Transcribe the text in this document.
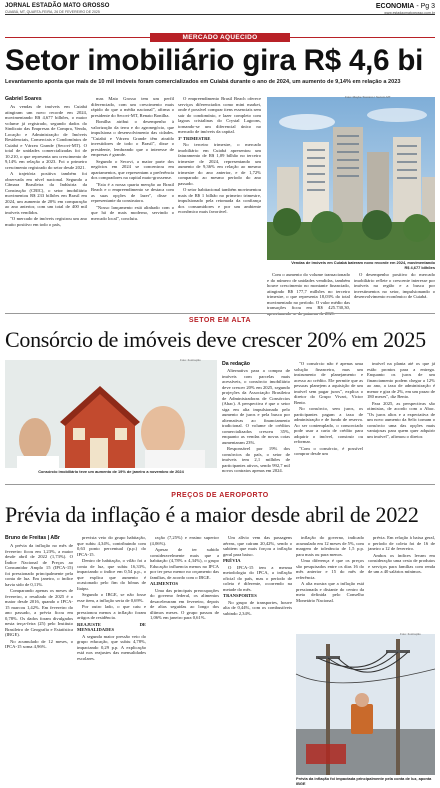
JORNAL ESTADÃO MATO GROSSO
CUIABÁ, MT, QUARTA-FEIRA, 26 DE FEVEREIRO DE 2025
ECONOMIA - Pg 3
www.estadaomatogrosso.com.br
MERCADO AQUECIDO
Setor imobiliário gira R$ 4,6 bi
Levantamento aponta que mais de 10 mil imóveis foram comercializados em Cuiabá durante o ano de 2024, um aumento de 9,14% em relação a 2023
Gabriel Soares

As vendas de imóveis em Cuiabá atingiram um novo recorde em 2024, movimentando R$ 4,677 bilhões, o maior volume já registrado, segundo dados do Sindicato das Empresas de Compra, Venda, Locação e Administração de Imóveis Residenciais, Comerciais e Condomínios de Cuiabá e Várzea Grande (Secovi-MT). O total de unidades comercializadas foi de 10.210, o que representa um crescimento de 9,14% em relação a 2023. Foi o primeiro crescimento registrado do setor desde 2021.

A trajetória positiva também foi observada em nível nacional. Segundo a Câmara Brasileira da Indústria da Construção (CBIC), o setor imobiliário movimentou R$ 233 bilhões em Brasil em 2024, um aumento de 20% em comparação ao ano anterior, com um total de 400 mil imóveis vendidos.

"O mercado de imóveis registrou um ano muito positivo em todo o país,

mas Mato Grosso tem um perfil diferenciado, com um crescimento mais rápido do que a média nacional", afirma o presidente do Secovi-MT, Renato Bonilha.

Bonilha atribui o desempenho à valorização da terra e do agronegócio, que impulsiona o desenvolvimento das cidades. "Cuiabá e Várzea Grande têm atraído investidores de todo o Brasil", disse o presidente, lembrando que o interesse de empresas é grande.

Segundo o Secovi, a maior parte dos negócios em 2024 se concentrou em apartamentos, que representam a preferência dos compradores na capital mato-grossense.

"Esta é a nossa quarta menção ao Brasil Beach e o empreendimento se destaca com as suas opções de lazer", disse o representante da construtora.

"Nosso lançamento está alinhado com o que há de mais moderno, servindo o mercado local", concluiu.

O empreendimento Brasil Beach oferece serviços diferenciados como mini market, onde é possível comprar itens essenciais sem sair do condomínio, e lazer completo com lagoas cristalinas do Crystal Lagoons, tornando-se um diferencial único no mercado de imóveis da capital.

3º TRIMESTRE

No terceiro trimestre, o mercado imobiliário em Cuiabá apresentou um faturamento de R$ 1,09 bilhão no terceiro trimestre de 2024, representando um aumento de 9,36% em relação ao mesmo trimestre do ano anterior, e de 1,72% comparado ao mesmo período do ano passado.

O setor habitacional também movimentou mais de R$ 1 bilhão no primeiro trimestre, impulsionado pela retomada da confiança dos consumidores e por um ambiente econômico mais favorável.

Foto: Mayke Toscano / Secom-MT
Vendas de imóveis em Cuiabá bateram novo recorde em 2024, movimentando R$ 4,677 bilhões

Com o aumento do volume transacionado e do número de unidades vendidas, também houve crescimento no montante financiado, atingindo R$ 177,7 milhões no terceiro trimestre, o que representa 18,03% do total movimentado no período. O valor médio das transações ficou em R$ 425.730,30,

O desempenho positivo do mercado imobiliário reflete o crescente interesse por imóveis na região e a busca por investimentos no setor, impulsionando o desenvolvimento econômico de Cuiabá.

SETOR EM ALTA
Consórcio de imóveis deve crescer 20% em 2025
Foto: Ilustração
Consórcio imobiliário teve um aumento de 19% de janeiro a novembro de 2024
Da redação

Alternativa para a compra de imóveis com parcelas mais acessíveis, o consórcio imobiliário deve crescer 20% em 2025, segundo projeções da Associação Brasileira de Administradoras de Consórcios (Abac). A perspectiva é que o setor siga em alta impulsionado pelo aumento de juros e pela busca por alternativas ao financiamento tradicional. O volume de créditos comercializados cresceu 35%, enquanto as vendas de novas cotas aumentaram 23%.

Responsável por 19% dos consórcios do país, o setor de imóveis tem 2,1 milhões de participantes ativos, sendo 992,7 mil novos contratos apenas em 2024.

"O consórcio não é apenas uma solução financeira, mas um instrumento de planejamento e acesso ao crédito. Ele permite que as pessoas planejem a aquisição de um imóvel sem pagar juros", explica o diretor do Grupo Vivart, Victor Bento.

No consórcio, sem juros, os participantes pagam a taxa de administração e de fundo de reserva. Ao ser contemplado, o consorciado pode usar a carta de crédito para adquirir o imóvel, construir ou reformar.

"Com o consórcio, é possível comprar desde um

imóvel na planta até os que já estão prontos para a entrega. Enquanto os juros de um financiamento podem chegar a 12% ao ano, a taxa de administração é menor e gira de 2%, em um prazo de 180 meses", diz Bento.

Para 2025, as perspectivas são otimistas, de acordo com a Abac. "Os juros altos e a expectativa de um novo aumento da Selic tornam o consórcio uma das opções mais vantajosas para quem quer adquirir um imóvel", afirmou o diretor.

PREÇOS DE AEROPORTO
Prévia da inflação é a maior desde abril de 2022
Bruno de Freitas | ABr

A prévia da inflação no mês de fevereiro ficou em 1,23%, a maior desde abril de 2022 (1,73%). O Índice Nacional de Preços ao Consumidor Amplo 15 (IPCA-15) foi pressionado principalmente pela conta de luz. Em janeiro, o índice havia sido de 0,11%.

Comparando apenas os meses de fevereiro, o resultado de 2025 é o maior desde 2016, quando o IPCA-15 marcou 1,42%. Em fevereiro do ano passado, a prévia ficou em 0,78%. Os dados foram divulgados nesta terça-feira (25) pelo Instituto Brasileiro de Geografia e Estatística (IBGE).

No acumulado de 12 meses, o IPCA-15 soma 4,96%.

prevista veio do grupo habitação, que subiu 4,34%, contribuindo com 0,63 ponto percentual (p.p.) do IPCA-15.

Dentro de habitação, o vilão foi a conta de luz, que subiu 16,33%, impactando o índice em 0,54 p.p., o que explica que aumento é ocasionado pelo fim do bônus de Itaipu.

Segundo o IBGE, se não fosse esse item, a inflação seria de 0,69%.

Por outro lado, o que caiu e pressionou menos a inflação foram artigos de residência.

REAJUSTE DE MENSALIDADES

A segunda maior pressão veio do grupo educação, que subiu 4,78%, impactando 0,29 p.p. A explicação está nos reajustes das mensalidades escolares.

ração (7,25%) e ensino superior (4,06%).

Apesar de ter subido consideravelmente mais que a habitação (4,78% x 4,34%), o grupo Educação influencia menos no IPCA por ter peso menor no orçamento das famílias, de acordo com o IBGE.

ALIMENTOS

Uma das principais preocupações do governo federal, os alimentos desaceleraram em fevereiro, depois de altas seguidas ao longo dos últimos meses. O grupo passou de 1,06% em janeiro para 0,61%.

Um alívio vem das passagens aéreas, que caíram 20,42%, sendo o subitem que mais forçou a inflação geral para baixo.

PRÉVIA

O IPCA-15 tem a mesma metodologia do IPCA, a inflação oficial do país, mas o período de coleta é diferente, ocorrendo na metade do mês.

TRANSPORTES

No grupo de transportes, houve alta de 0,44%, com os combustíveis subindo 2,34%.

inflação do governo, indicado acumulado em 12 meses de 5%, com margem de tolerância de 1,5 p.p. para mais ou para menos.

Uma diferença é que os preços são pesquisados entre os dias 16 do mês anterior e 15 do mês de referência.

A alta mostra que a inflação está pressionada e distante do centro da meta definida pelo Conselho Monetário Nacional.

prévia. Em relação à baixa geral, o período de coleta foi de 16 de janeiro a 12 de fevereiro.

Ambos os índices levam em consideração uma cesta de produtos e serviços para famílias com renda de um a 40 salários mínimos.

Foto: Ilustração
Prévia da inflação foi impactada principalmente pela conta de luz, aponta IBGE
